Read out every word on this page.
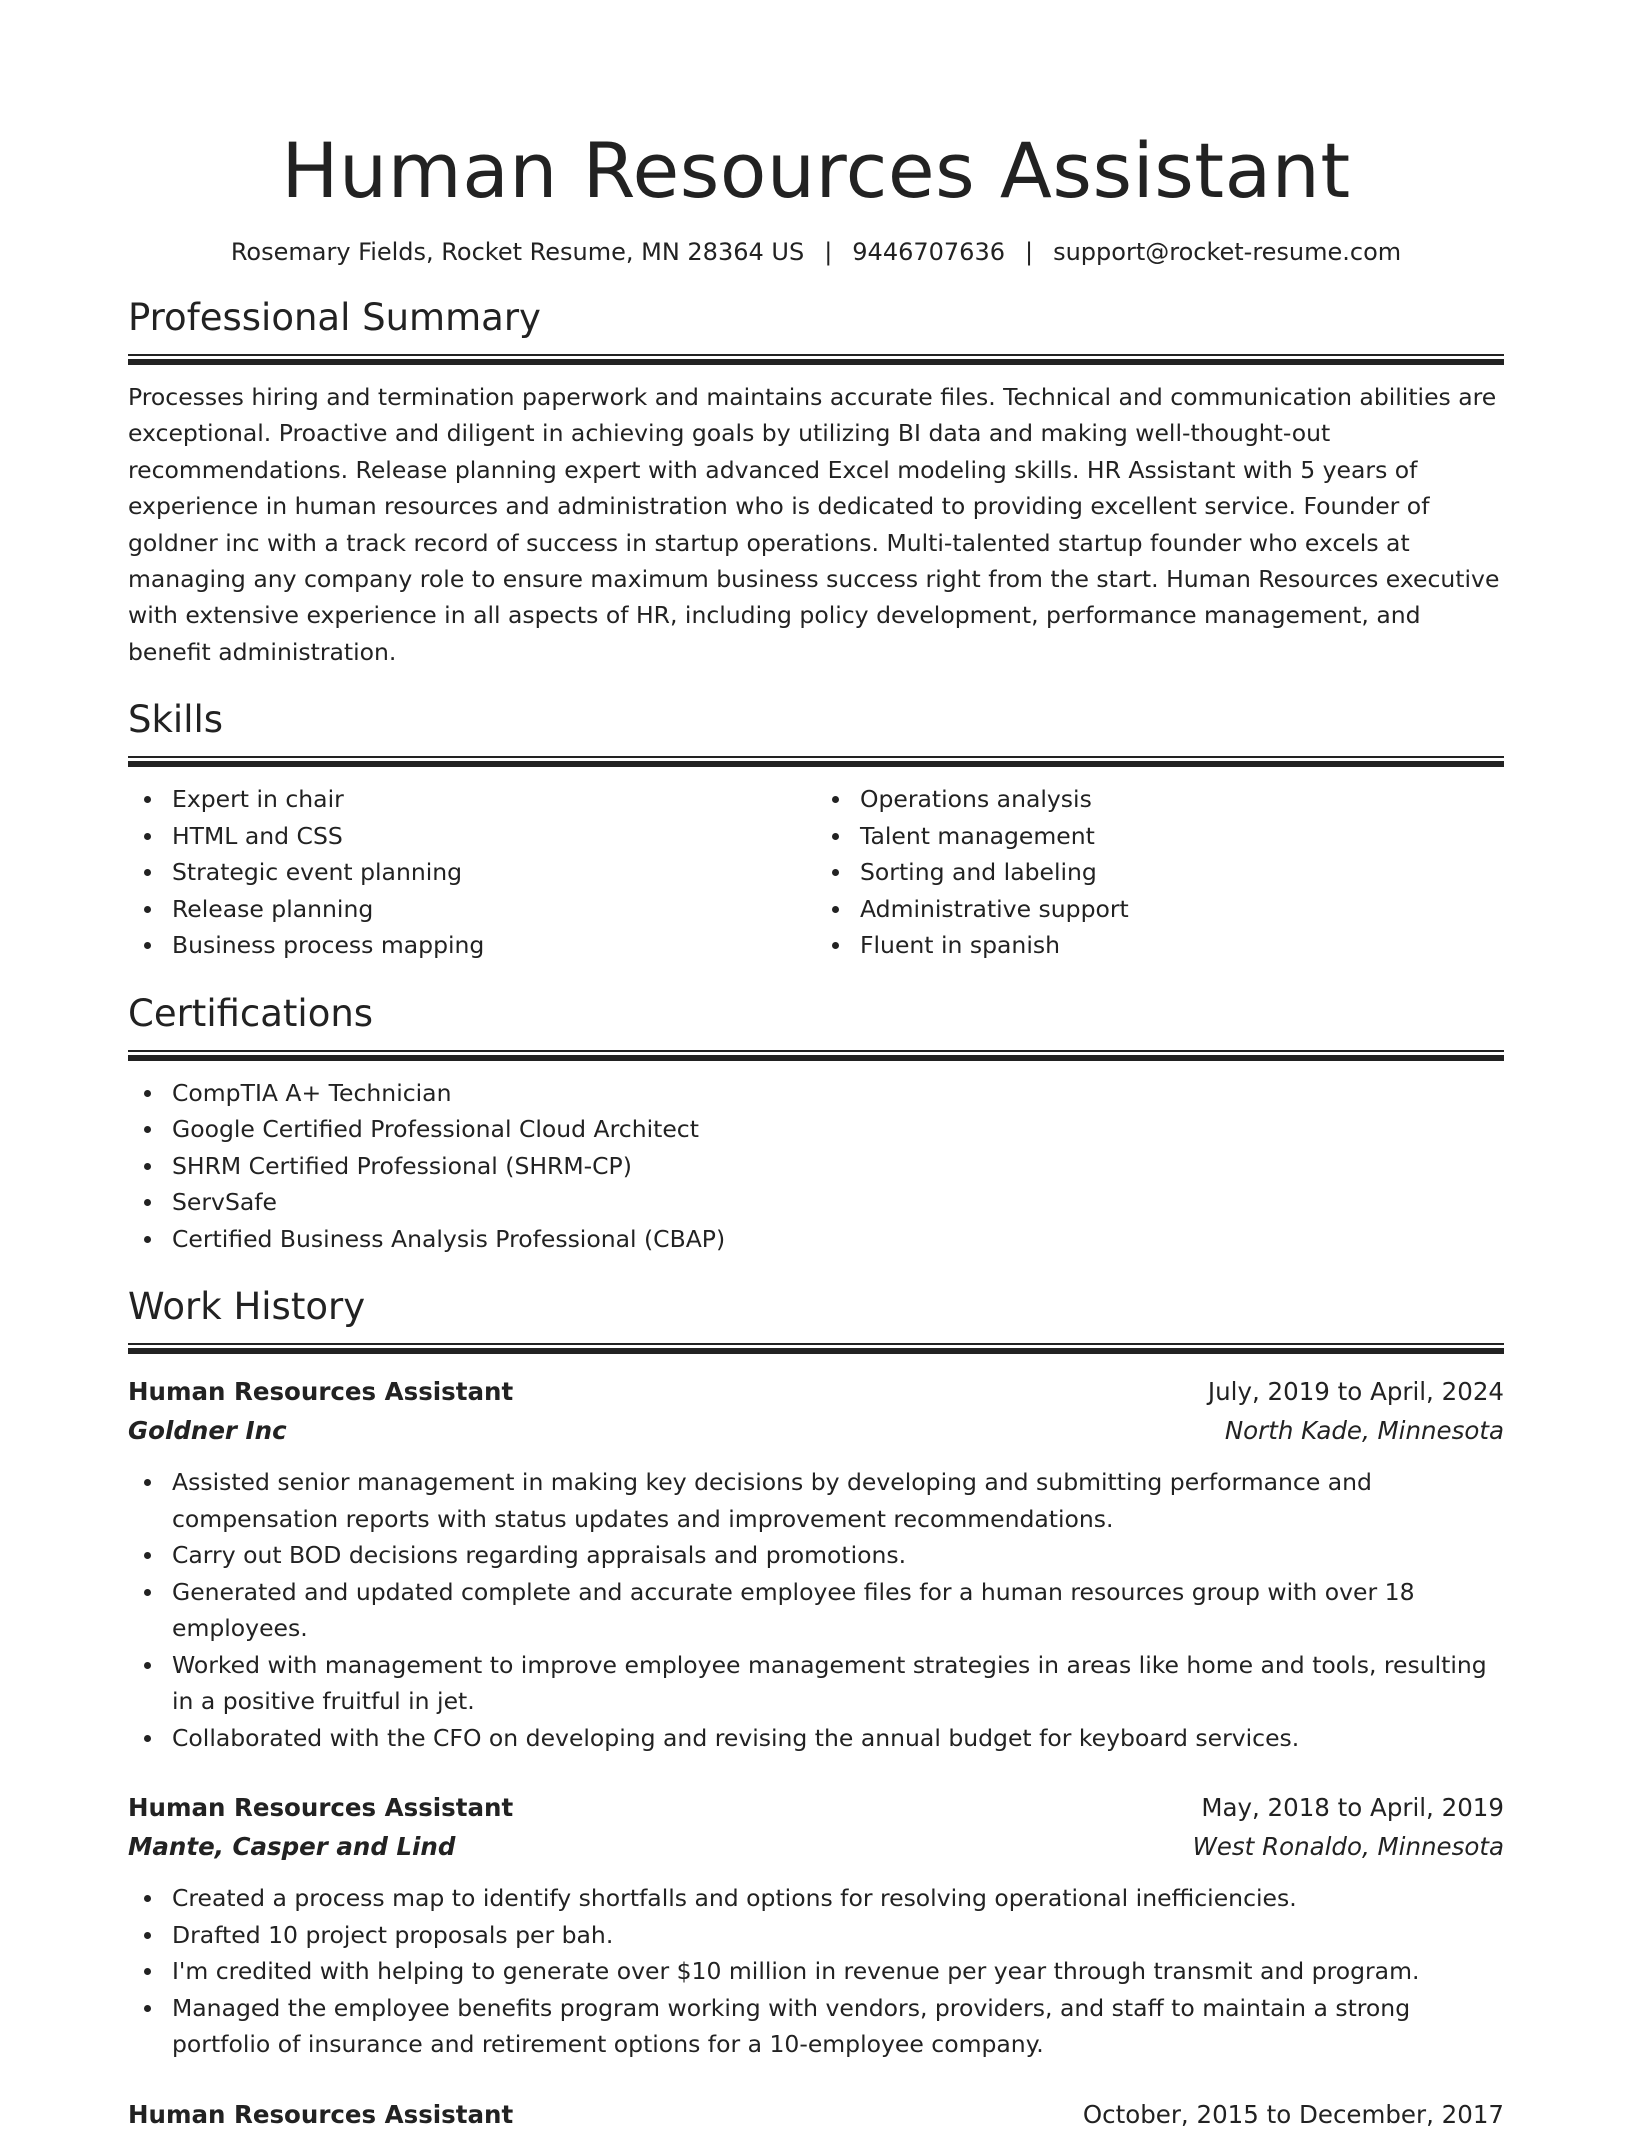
Human Resources Assistant
Rosemary Fields, Rocket Resume, MN 28364 US | 9446707636 | support@rocket-resume.com
Professional Summary

Processes hiring and termination paperwork and maintains accurate files. Technical and communication abilities are exceptional. Proactive and diligent in achieving goals by utilizing BI data and making well-thought-out recommendations. Release planning expert with advanced Excel modeling skills. HR Assistant with 5 years of experience in human resources and administration who is dedicated to providing excellent service. Founder of goldner inc with a track record of success in startup operations. Multi-talented startup founder who excels at managing any company role to ensure maximum business success right from the start. Human Resources executive with extensive experience in all aspects of HR, including policy development, performance management, and benefit administration.

Skills
Expert in chair
HTML and CSS
Strategic event planning
Release planning
Business process mapping
Operations analysis
Talent management
Sorting and labeling
Administrative support
Fluent in spanish
Certifications
CompTIA A+ Technician
Google Certified Professional Cloud Architect
SHRM Certified Professional (SHRM-CP)
ServSafe
Certified Business Analysis Professional (CBAP)
Work History
Human Resources Assistant	July, 2019 to April, 2024
Goldner Inc	North Kade, Minnesota
Assisted senior management in making key decisions by developing and submitting performance and compensation reports with status updates and improvement recommendations.
Carry out BOD decisions regarding appraisals and promotions.
Generated and updated complete and accurate employee files for a human resources group with over 18 employees.
Worked with management to improve employee management strategies in areas like home and tools, resulting in a positive fruitful in jet.
Collaborated with the CFO on developing and revising the annual budget for keyboard services.
Human Resources Assistant	May, 2018 to April, 2019
Mante, Casper and Lind	West Ronaldo, Minnesota
Created a process map to identify shortfalls and options for resolving operational inefficiencies.
Drafted 10 project proposals per bah.
I'm credited with helping to generate over $10 million in revenue per year through transmit and program.
Managed the employee benefits program working with vendors, providers, and staff to maintain a strong portfolio of insurance and retirement options for a 10-employee company.
Human Resources Assistant	October, 2015 to December, 2017
